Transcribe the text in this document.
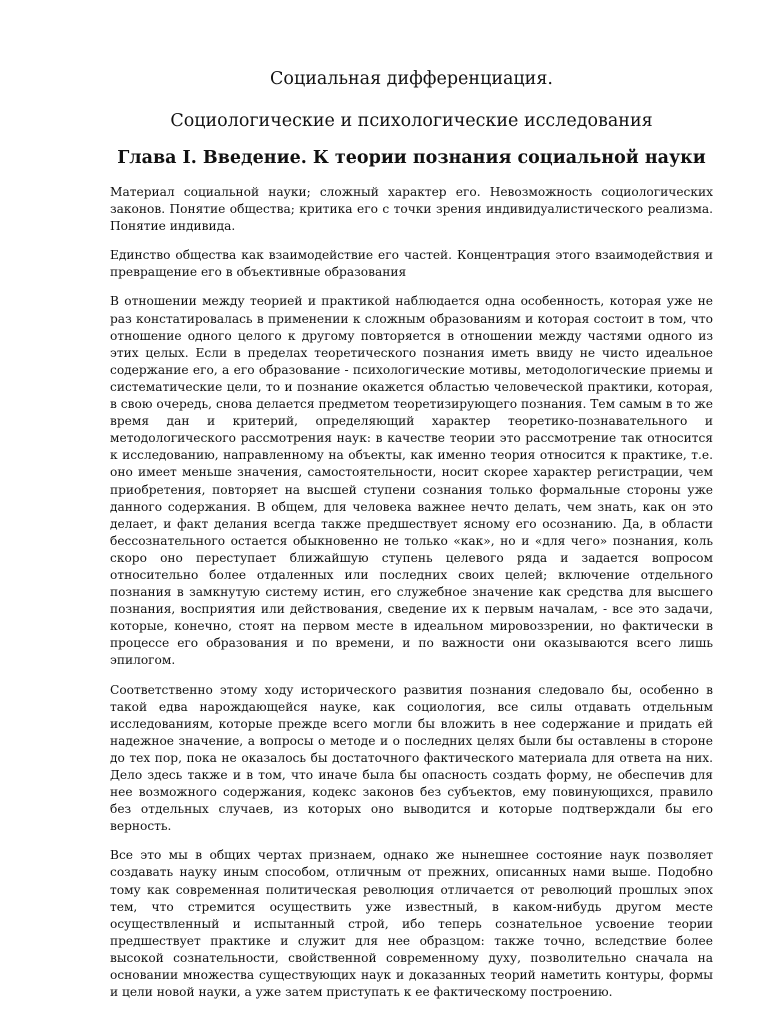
Социальная дифференциация.
Социологические и психологические исследования
Глава I. Введение. К теории познания социальной науки

Материал социальной науки; сложный характер его. Невозможность социологических законов. Понятие общества; критика его с точки зрения индивидуалистического реализма. Понятие индивида.

Единство общества как взаимодействие его частей. Концентрация этого взаимодействия и превращение его в объективные образования

В отношении между теорией и практикой наблюдается одна особенность, которая уже не раз констатировалась в применении к сложным образованиям и которая состоит в том, что отношение одного целого к другому повторяется в отношении между частями одного из этих целых. Если в пределах теоретического познания иметь ввиду не чисто идеальное содержание его, а его образование - психологические мотивы, методологические приемы и систематические цели, то и познание окажется областью человеческой практики, которая, в свою очередь, снова делается предметом теоретизирующего познания. Тем самым в то же время дан и критерий, определяющий характер теоретико-познавательного и методологического рассмотрения наук: в качестве теории это рассмотрение так относится к исследованию, направленному на объекты, как именно теория относится к практике, т.е. оно имеет меньше значения, самостоятельности, носит скорее характер регистрации, чем приобретения, повторяет на высшей ступени сознания только формальные стороны уже данного содержания. В общем, для человека важнее нечто делать, чем знать, как он это делает, и факт делания всегда также предшествует ясному его осознанию. Да, в области бессознательного остается обыкновенно не только «как», но и «для чего» познания, коль скоро оно переступает ближайшую ступень целевого ряда и задается вопросом относительно более отдаленных или последних своих целей; включение отдельного познания в замкнутую систему истин, его служебное значение как средства для высшего познания, восприятия или действования, сведение их к первым началам, - все это задачи, которые, конечно, стоят на первом месте в идеальном мировоззрении, но фактически в процессе его образования и по времени, и по важности они оказываются всего лишь эпилогом.

Соответственно этому ходу исторического развития познания следовало бы, особенно в такой едва нарождающейся науке, как социология, все силы отдавать отдельным исследованиям, которые прежде всего могли бы вложить в нее содержание и придать ей надежное значение, а вопросы о методе и о последних целях были бы оставлены в стороне до тех пор, пока не оказалось бы достаточного фактического материала для ответа на них. Дело здесь также и в том, что иначе была бы опасность создать форму, не обеспечив для нее возможного содержания, кодекс законов без субъектов, ему повинующихся, правило без отдельных случаев, из которых оно выводится и которые подтверждали бы его верность.

Все это мы в общих чертах признаем, однако же нынешнее состояние наук позволяет создавать науку иным способом, отличным от прежних, описанных нами выше. Подобно тому как современная политическая революция отличается от революций прошлых эпох тем, что стремится осуществить уже известный, в каком-нибудь другом месте осуществленный и испытанный строй, ибо теперь сознательное усвоение теории предшествует практике и служит для нее образцом: также точно, вследствие более высокой сознательности, свойственной современному духу, позволительно сначала на основании множества существующих наук и доказанных теорий наметить контуры, формы и цели новой науки, а уже затем приступать к ее фактическому построению.
